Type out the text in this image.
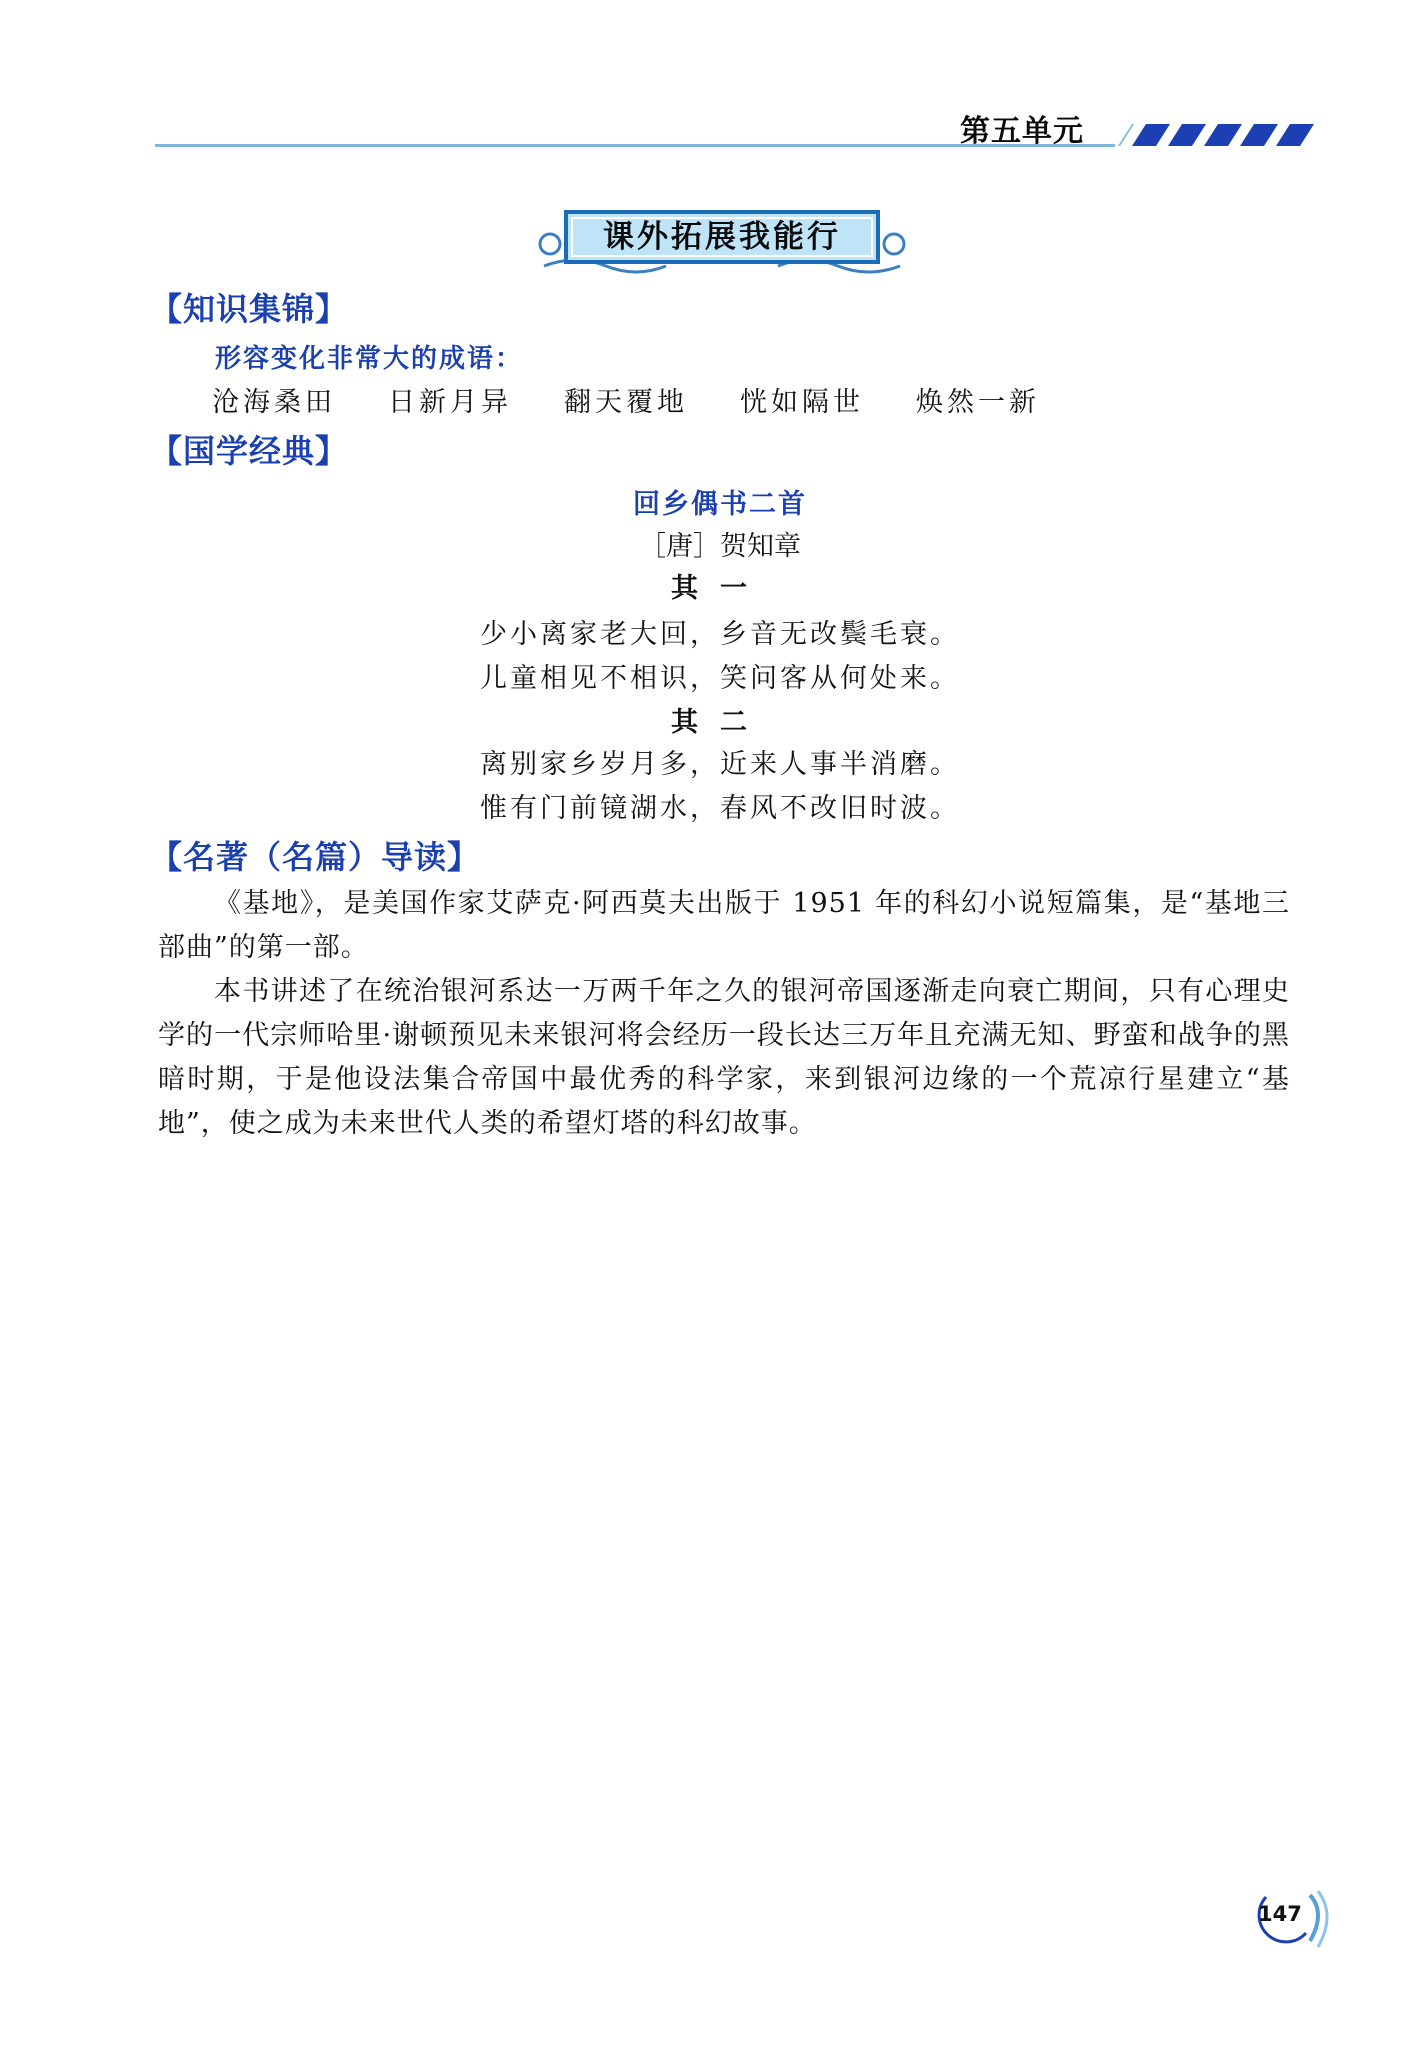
第五单元
课外拓展我能行
【知识集锦】
形容变化非常大的成语：
沧海桑田	日新月异	翻天覆地	恍如隔世	焕然一新
【国学经典】
回乡偶书二首
［唐］贺知章
其一
少小离家老大回，乡音无改鬓毛衰。
儿童相见不相识，笑问客从何处来。
其二
离别家乡岁月多，近来人事半消磨。
惟有门前镜湖水，春风不改旧时波。
【名著（名篇）导读】
《基地》，是美国作家艾萨克·阿西莫夫出版于 1951 年的科幻小说短篇集，是“基地三部曲”的第一部。
本书讲述了在统治银河系达一万两千年之久的银河帝国逐渐走向衰亡期间，只有心理史学的一代宗师哈里·谢顿预见未来银河将会经历一段长达三万年且充满无知、野蛮和战争的黑暗时期，于是他设法集合帝国中最优秀的科学家，来到银河边缘的一个荒凉行星建立“基地”，使之成为未来世代人类的希望灯塔的科幻故事。
147
